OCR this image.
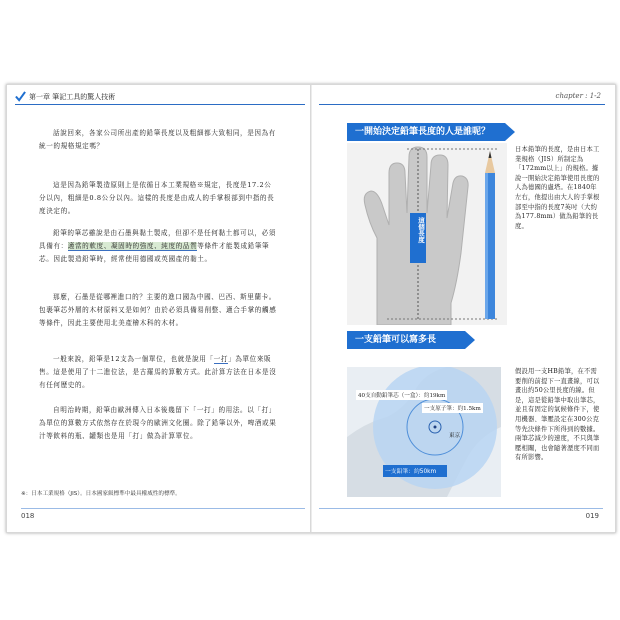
第一章 筆記工具的驚人技術

話說回來，各家公司所出產的鉛筆長度以及粗細都大致相同，是因為有統一的規格規定嗎？

這是因為鉛筆製造原則上是依循日本工業規格※規定，長度是17.2公分以內，粗細是0.8公分以內。這樣的長度是由成人的手掌根部到中指的長度決定的。

鉛筆的筆芯雖說是由石墨與黏土製成，但卻不是任何黏土都可以，必須具備有：適當的軟度、凝固時的強度、純度的品質等條件才能製成鉛筆筆芯。因此製造鉛筆時，經常使用德國或英國產的黏土。

那麼，石墨是從哪裡進口的？主要的進口國為中國、巴西、斯里蘭卡。包裹筆芯外層的木材原料又是如何？由於必須具備易削整、適合手掌的觸感等條件，因此主要使用北美產檜木科的木材。

一般來說，鉛筆是12支為一個單位，也就是說用「一打」為單位來販售。這是使用了十二進位法，是古羅馬的算數方式。此計算方法在日本是沒有任何歷史的。

自明治時期，鉛筆由歐洲傳入日本後幾留下「一打」的用法。以「打」為單位的算數方式依然存在於現今的歐洲文化圈。除了鉛筆以外，啤酒或果汁等飲料的瓶、罐類也是用「打」做為計算單位。

※：日本工業規格（JIS）。日本國家級標準中最具權威性的標準。
018
chapter : 1-2
一開始決定鉛筆長度的人是誰呢？
這個長度

日本鉛筆的長度，是由日本工業規格（JIS）所制定為「172mm以上」的規格。據說一開始決定鉛筆使用長度的人為德國的盧塔。在1840年左右，他提出由大人的手掌根部至中指的長度7英吋（大約為177.8mm）做為鉛筆的長度。

一支鉛筆可以寫多長
40支自動鉛筆芯（一盒）：約19km
一支原子筆：約1.5km
東京
一支鉛筆：約50km

假設用一支HB鉛筆，在不需要削的前提下一直畫線，可以畫出約50公里長度的線。但是，這是從鉛筆中取出筆芯，並且有固定的氣候條件下，使用機器、筆壓設定在300公克等先決條件下所得到的數據。兩筆芯減少的速度，不只與筆壓相關，也會隨著溼度不同而有所影響。

019
